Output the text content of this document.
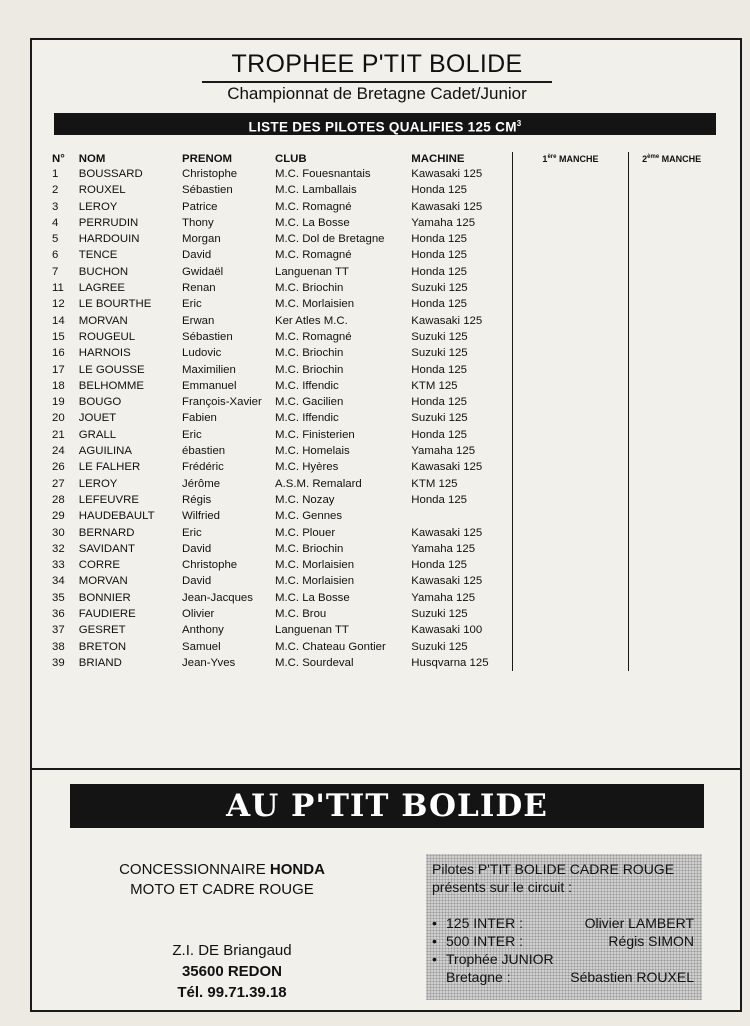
TROPHEE P'TIT BOLIDE
Championnat de Bretagne Cadet/Junior
LISTE DES PILOTES QUALIFIES 125 $CM^3$
N°	NOM	PRENOM	CLUB	MACHINE	1ère MANCHE	2ème MANCHE
1	BOUSSARD	Christophe	M.C. Fouesnantais	Kawasaki 125		
2	ROUXEL	Sébastien	M.C. Lamballais	Honda 125		
3	LEROY	Patrice	M.C. Romagné	Kawasaki 125		
4	PERRUDIN	Thony	M.C. La Bosse	Yamaha 125		
5	HARDOUIN	Morgan	M.C. Dol de Bretagne	Honda 125		
6	TENCE	David	M.C. Romagné	Honda 125		
7	BUCHON	Gwidaël	Languenan TT	Honda 125		
11	LAGREE	Renan	M.C. Briochin	Suzuki 125		
12	LE BOURTHE	Eric	M.C. Morlaisien	Honda 125		
14	MORVAN	Erwan	Ker Atles M.C.	Kawasaki 125		
15	ROUGEUL	Sébastien	M.C. Romagné	Suzuki 125		
16	HARNOIS	Ludovic	M.C. Briochin	Suzuki 125		
17	LE GOUSSE	Maximilien	M.C. Briochin	Honda 125		
18	BELHOMME	Emmanuel	M.C. Iffendic	KTM 125		
19	BOUGO	François-Xavier	M.C. Gacilien	Honda 125		
20	JOUET	Fabien	M.C. Iffendic	Suzuki 125		
21	GRALL	Eric	M.C. Finisterien	Honda 125		
24	AGUILINA	ébastien	M.C. Homelais	Yamaha 125		
26	LE FALHER	Frédéric	M.C. Hyères	Kawasaki 125		
27	LEROY	Jérôme	A.S.M. Remalard	KTM 125		
28	LEFEUVRE	Régis	M.C. Nozay	Honda 125		
29	HAUDEBAULT	Wilfried	M.C. Gennes			
30	BERNARD	Eric	M.C. Plouer	Kawasaki 125		
32	SAVIDANT	David	M.C. Briochin	Yamaha 125		
33	CORRE	Christophe	M.C. Morlaisien	Honda 125		
34	MORVAN	David	M.C. Morlaisien	Kawasaki 125		
35	BONNIER	Jean-Jacques	M.C. La Bosse	Yamaha 125		
36	FAUDIERE	Olivier	M.C. Brou	Suzuki 125		
37	GESRET	Anthony	Languenan TT	Kawasaki 100		
38	BRETON	Samuel	M.C. Chateau Gontier	Suzuki 125		
39	BRIAND	Jean-Yves	M.C. Sourdeval	Husqvarna 125		
AU P'TIT BOLIDE
CONCESSIONNAIRE HONDA
MOTO ET CADRE ROUGE
Z.I. DE Briangaud
35600 REDON
Tél. 99.71.39.18
Pilotes P'TIT BOLIDE CADRE ROUGE
présents sur le circuit :
• 125 INTER :	Olivier LAMBERT
• 500 INTER :	Régis SIMON
• Trophée JUNIOR
Bretagne :	Sébastien ROUXEL
